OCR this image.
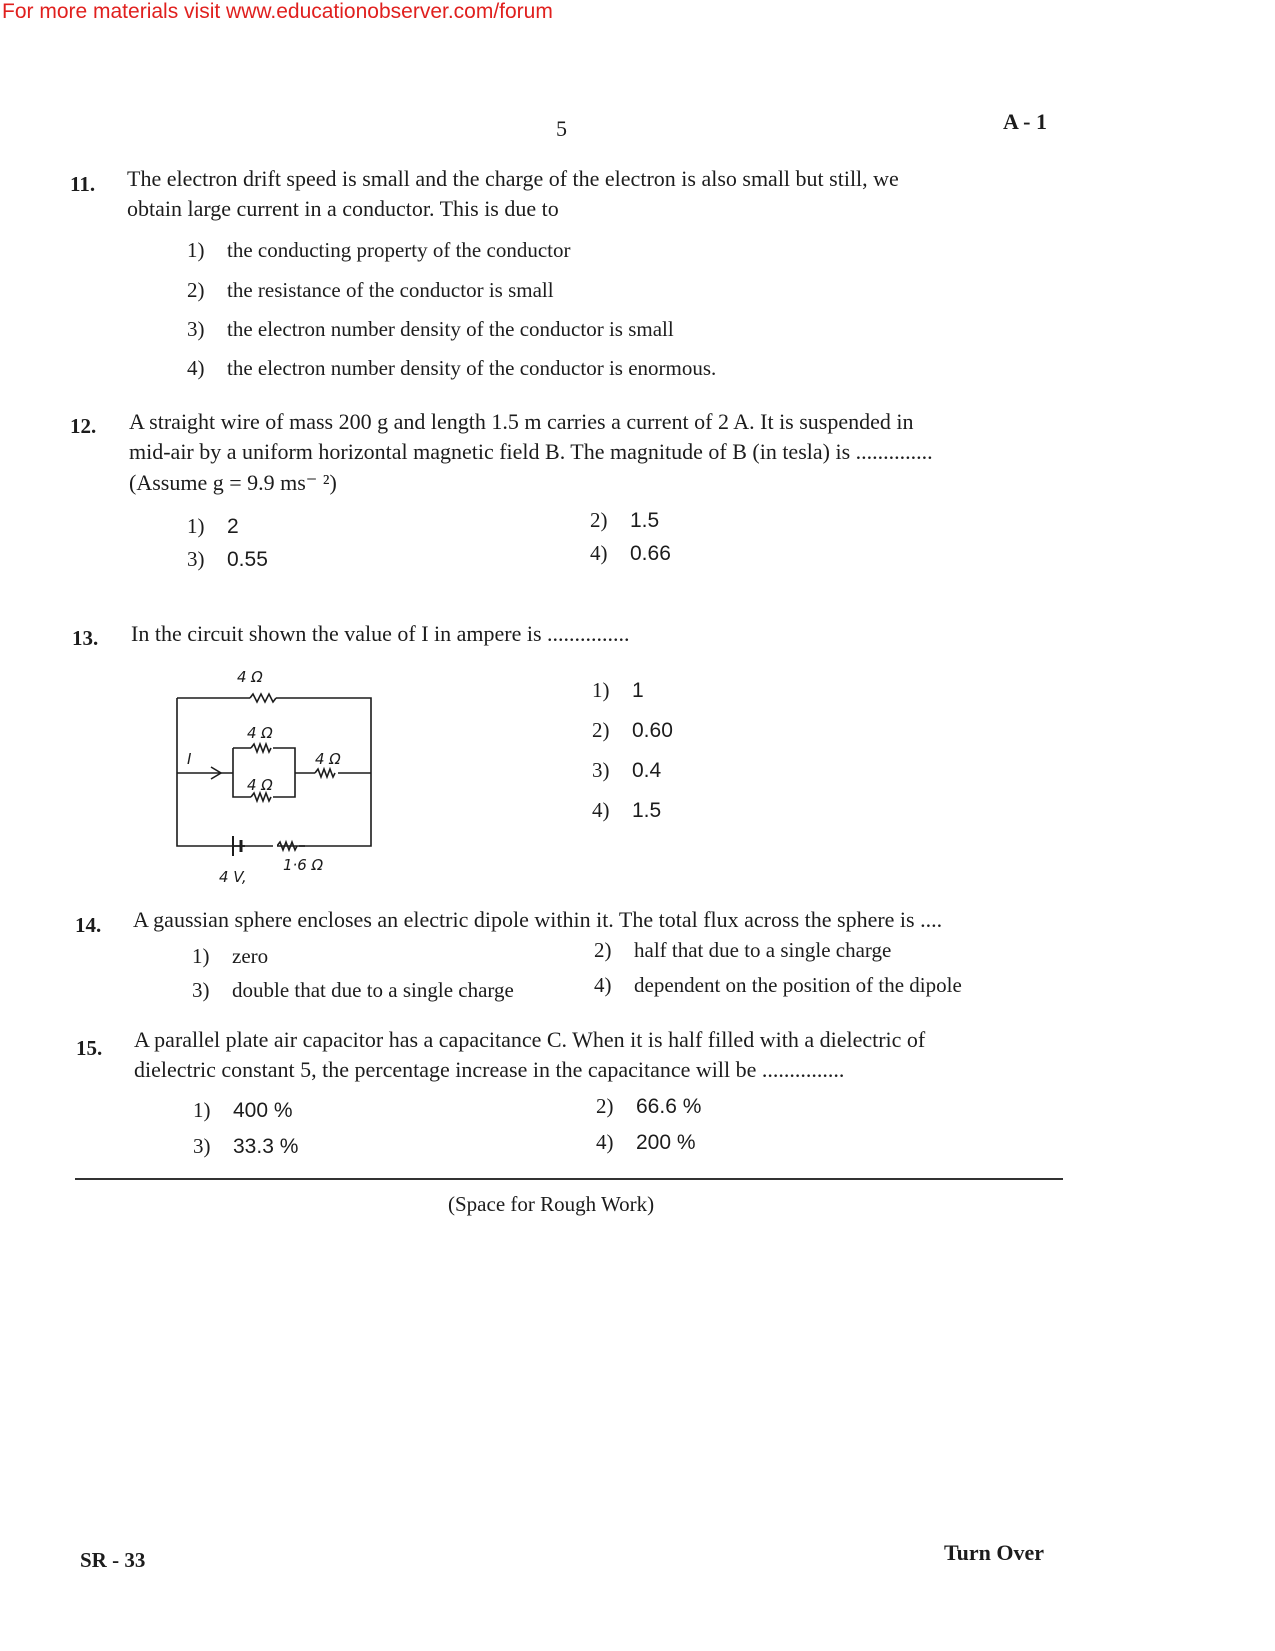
For more materials visit www.educationobserver.com/forum
5	A - 1
11. The electron drift speed is small and the charge of the electron is also small but still, we
obtain large current in a conductor. This is due to
1) the conducting property of the conductor
2) the resistance of the conductor is small
3) the electron number density of the conductor is small
4) the electron number density of the conductor is enormous.
12. A straight wire of mass 200 g and length 1.5 m carries a current of 2 A. It is suspended in
mid-air by a uniform horizontal magnetic field B. The magnitude of B (in tesla) is ..............
(Assume g = 9.9 ms⁻ ²)
1) 2	2) 1.5
3) 0.55	4) 0.66
13. In the circuit shown the value of I in ampere is ...............
4 Ω
4 Ω
4 Ω
4 Ω
1·6 Ω
4 V,
I
1) 1
2) 0.60
3) 0.4
4) 1.5
14. A gaussian sphere encloses an electric dipole within it. The total flux across the sphere is ....
1) zero	2) half that due to a single charge
3) double that due to a single charge	4) dependent on the position of the dipole
15. A parallel plate air capacitor has a capacitance C. When it is half filled with a dielectric of
dielectric constant 5, the percentage increase in the capacitance will be ...............
1) 400 %	2) 66.6 %
3) 33.3 %	4) 200 %
(Space for Rough Work)
SR - 33	Turn Over
